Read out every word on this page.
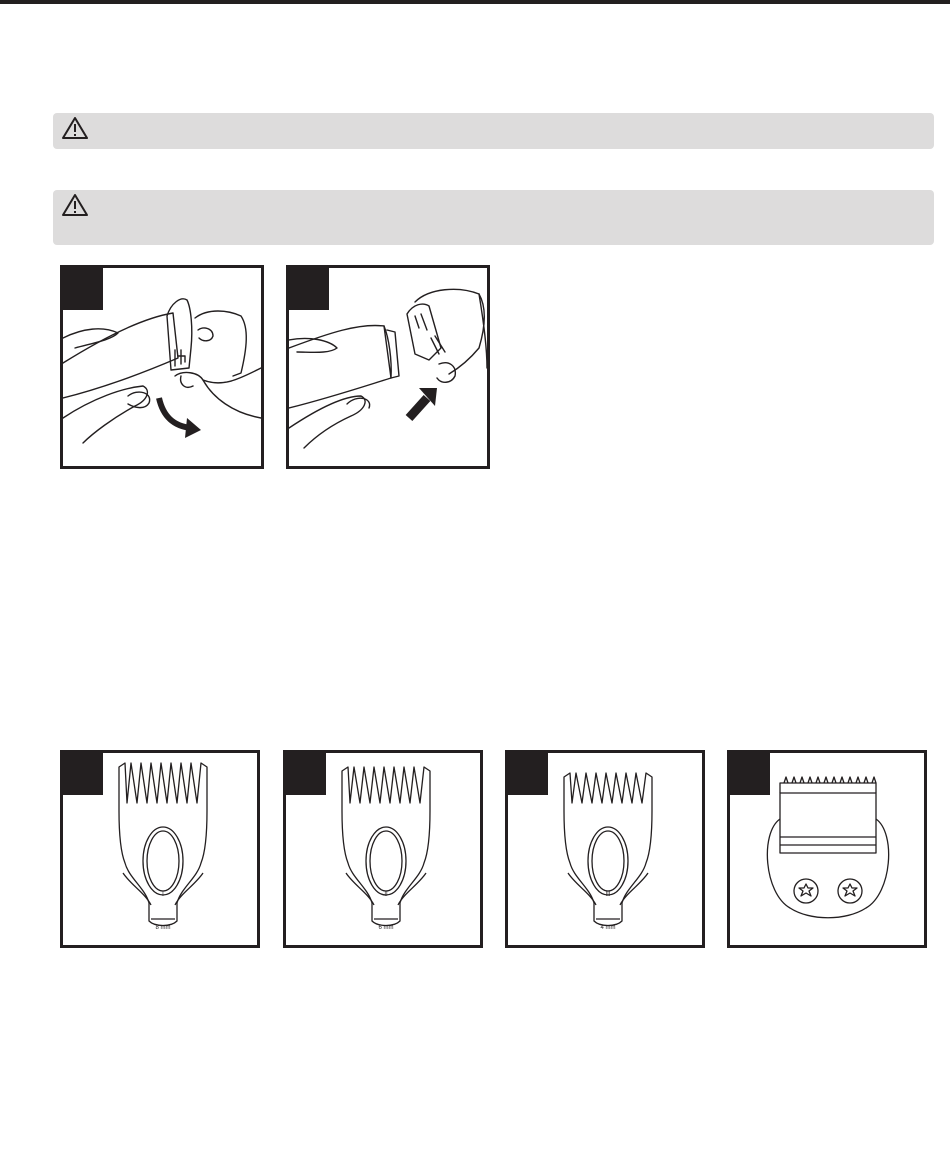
I
8 mm
II
6 mm
III
4 mm
